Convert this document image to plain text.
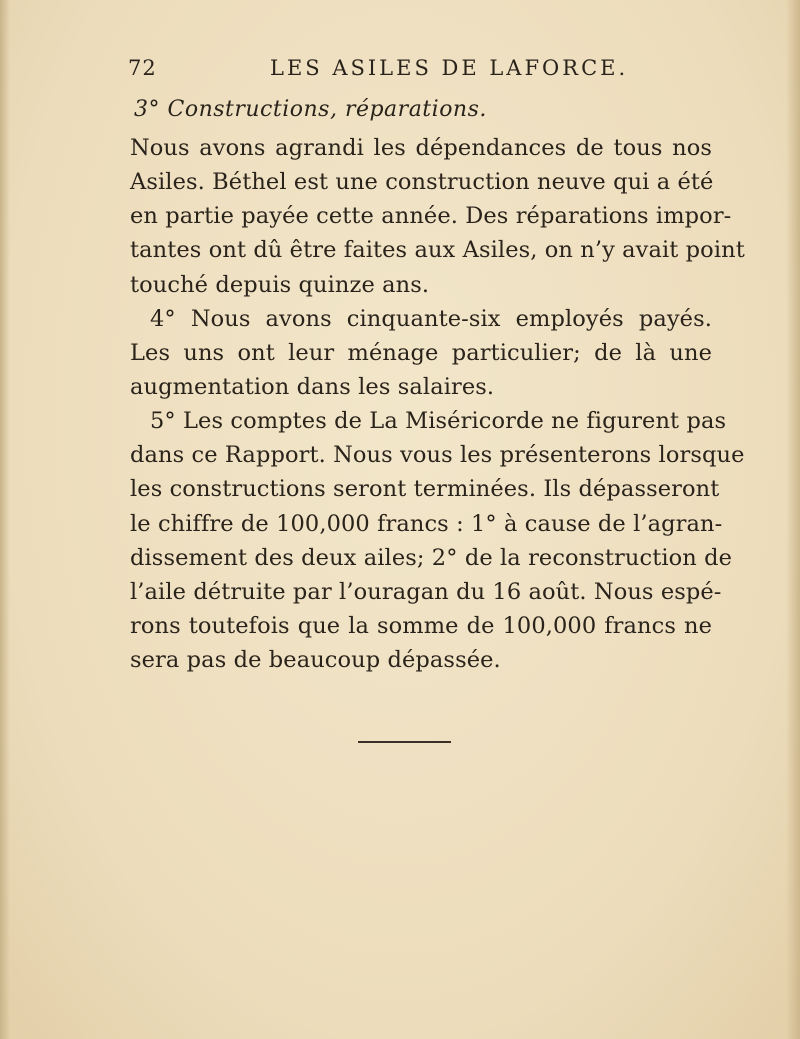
72	LES ASILES DE LAFORCE.
3° Constructions, réparations.
Nous avons agrandi les dépendances de tous nos
Asiles. Béthel est une construction neuve qui a été
en partie payée cette année. Des réparations impor-
tantes ont dû être faites aux Asiles, on n’y avait point
touché depuis quinze ans.
4° Nous avons cinquante-six employés payés.
Les uns ont leur ménage particulier; de là une
augmentation dans les salaires.
5° Les comptes de La Miséricorde ne figurent pas
dans ce Rapport. Nous vous les présenterons lorsque
les constructions seront terminées. Ils dépasseront
le chiffre de 100,000 francs : 1° à cause de l’agran-
dissement des deux ailes; 2° de la reconstruction de
l’aile détruite par l’ouragan du 16 août. Nous espé-
rons toutefois que la somme de 100,000 francs ne
sera pas de beaucoup dépassée.
